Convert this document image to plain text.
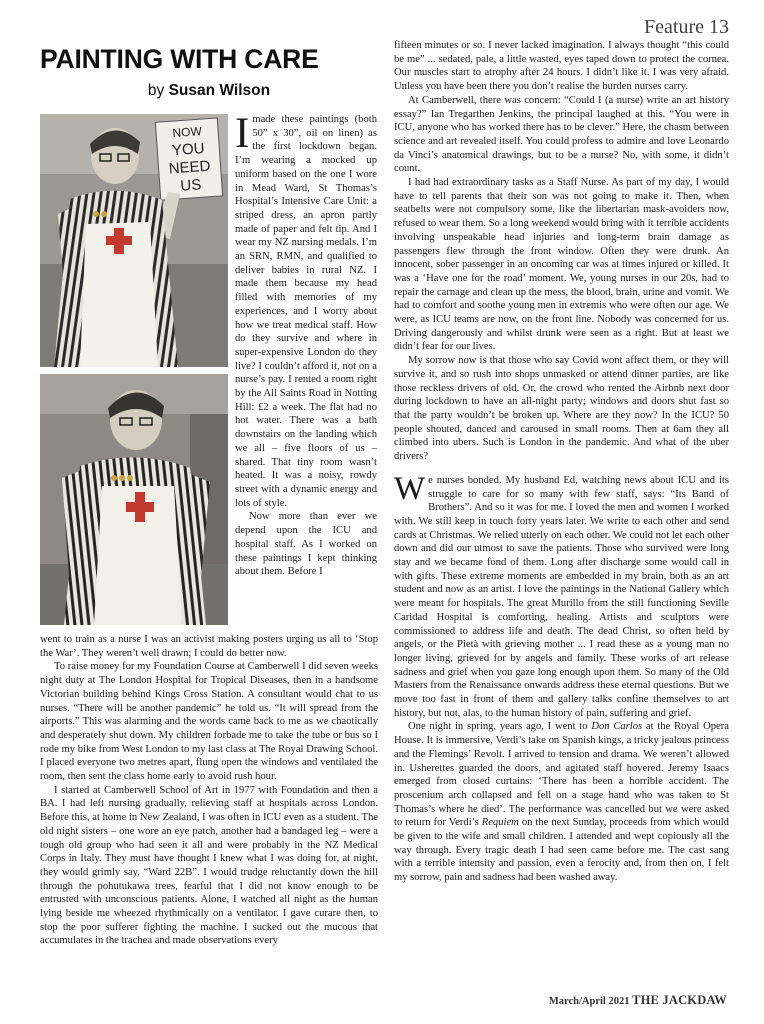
Feature 13
PAINTING WITH CARE
by Susan Wilson
NOW
YOU
NEED
US

Imade these paintings (both 50” x 30”, oil on linen) as the first lockdown began. I’m wearing a mocked up uniform based on the one I wore in Mead Ward, St Thomas’s Hospital’s Intensive Care Unit: a striped dress, an apron partly made of paper and felt tip. And I wear my NZ nursing medals. I’m an SRN, RMN, and qualified to deliver babies in rural NZ. I made them because my head filled with memories of my experiences, and I worry about how we treat medical staff. How do they survive and where in super-expensive London do they live? I couldn’t afford it, not on a nurse’s pay. I rented a room right by the All Saints Road in Notting Hill: £2 a week. The flat had no hot water. There was a bath downstairs on the landing which we all – five floors of us – shared. That tiny room wasn’t heated. It was a noisy, rowdy street with a dynamic energy and lots of style.

Now more than ever we depend upon the ICU and hospital staff. As I worked on these paintings I kept thinking about them. Before I

went to train as a nurse I was an activist making posters urging us all to ‘Stop the War’. They weren’t well drawn; I could do better now.

To raise money for my Foundation Course at Camberwell I did seven weeks night duty at The London Hospital for Tropical Diseases, then in a handsome Victorian building behind Kings Cross Station. A consultant would chat to us nurses. “There will be another pandemic” he told us. “It will spread from the airports.” This was alarming and the words came back to me as we chaotically and desperately shut down. My children forbade me to take the tube or bus so I rode my bike from West London to my last class at The Royal Drawing School. I placed everyone two metres apart, flung open the windows and ventilated the room, then sent the class home early to avoid rush hour.

I started at Camberwell School of Art in 1977 with Foundation and then a BA. I had left nursing gradually, relieving staff at hospitals across London. Before this, at home in New Zealand, I was often in ICU even as a student. The old night sisters – one wore an eye patch, another had a bandaged leg – were a tough old group who had seen it all and were probably in the NZ Medical Corps in Italy. They must have thought I knew what I was doing for, at night, they would grimly say, “Ward 22B”. I would trudge reluctantly down the hill through the pohutukawa trees, fearful that I did not know enough to be entrusted with unconscious patients. Alone, I watched all night as the human lying beside me wheezed rhythmically on a ventilator. I gave curare then, to stop the poor sufferer fighting the machine. I sucked out the mucous that accumulates in the trachea and made observations every

fifteen minutes or so. I never lacked imagination. I always thought “this could be me” ... sedated, pale, a little wasted, eyes taped down to protect the cornea. Our muscles start to atrophy after 24 hours. I didn’t like it. I was very afraid. Unless you have been there you don’t realise the burden nurses carry.

At Camberwell, there was concern: “Could I (a nurse) write an art history essay?” Ian Tregarthen Jenkins, the principal laughed at this. “You were in ICU, anyone who has worked there has to be clever.” Here, the chasm between science and art revealed itself. You could profess to admire and love Leonardo da Vinci’s anatomical drawings, but to be a nurse? No, with some, it didn’t count.

I had had extraordinary tasks as a Staff Nurse. As part of my day, I would have to tell parents that their son was not going to make it. Then, when seatbelts were not compulsory some, like the libertarian mask-avoiders now, refused to wear them. So a long weekend would bring with it terrible accidents involving unspeakable head injuries and long-term brain damage as passengers flew through the front window. Often they were drunk. An innocent, sober passenger in an oncoming car was at times injured or killed. It was a ‘Have one for the road’ moment. We, young nurses in our 20s, had to repair the carnage and clean up the mess, the blood, brain, urine and vomit. We had to comfort and soothe young men in extremis who were often our age. We were, as ICU teams are now, on the front line. Nobody was concerned for us. Driving dangerously and whilst drunk were seen as a right. But at least we didn’t fear for our lives.

My sorrow now is that those who say Covid wont affect them, or they will survive it, and so rush into shops unmasked or attend dinner parties, are like those reckless drivers of old. Or, the crowd who rented the Airbnb next door during lockdown to have an all-night party; windows and doors shut fast so that the party wouldn’t be broken up. Where are they now? In the ICU? 50 people shouted, danced and caroused in small rooms. Then at 6am they all climbed into ubers. Such is London in the pandemic. And what of the uber drivers?

We nurses bonded. My husband Ed, watching news about ICU and its struggle to care for so many with few staff, says: “Its Band of Brothers”. And so it was for me. I loved the men and women I worked with. We still keep in touch forty years later. We write to each other and send cards at Christmas. We relied utterly on each other. We could not let each other down and did our utmost to save the patients. Those who survived were long stay and we became fond of them. Long after discharge some would call in with gifts. These extreme moments are embedded in my brain, both as an art student and now as an artist. I love the paintings in the National Gallery which were meant for hospitals. The great Murillo from the still functioning Seville Caridad Hospital is comforting, healing. Artists and sculptors were commissioned to address life and death. The dead Christ, so often held by angels, or the Pietà with grieving mother ... I read these as a young man no longer living, grieved for by angels and family. These works of art release sadness and grief when you gaze long enough upon them. So many of the Old Masters from the Renaissance onwards address these eternal questions. But we move too fast in front of them and gallery talks confine themselves to art history, but not, alas, to the human history of pain, suffering and grief.

One night in spring, years ago, I went to Don Carlos at the Royal Opera House. It is immersive, Verdi’s take on Spanish kings, a tricky jealous princess and the Flemings’ Revolt. I arrived to tension and drama. We weren’t allowed in. Usherettes guarded the doors, and agitated staff hovered. Jeremy Isaacs emerged from closed curtains: ‘There has been a horrible accident. The proscenium arch collapsed and fell on a stage hand who was taken to St Thomas’s where he died’. The performance was cancelled but we were asked to return for Verdi’s Requiem on the next Sunday, proceeds from which would be given to the wife and small children. I attended and wept copiously all the way through. Every tragic death I had seen came before me. The cast sang with a terrible intensity and passion, even a ferocity and, from then on, I felt my sorrow, pain and sadness had been washed away.

March/April 2021 THE JACKDAW
